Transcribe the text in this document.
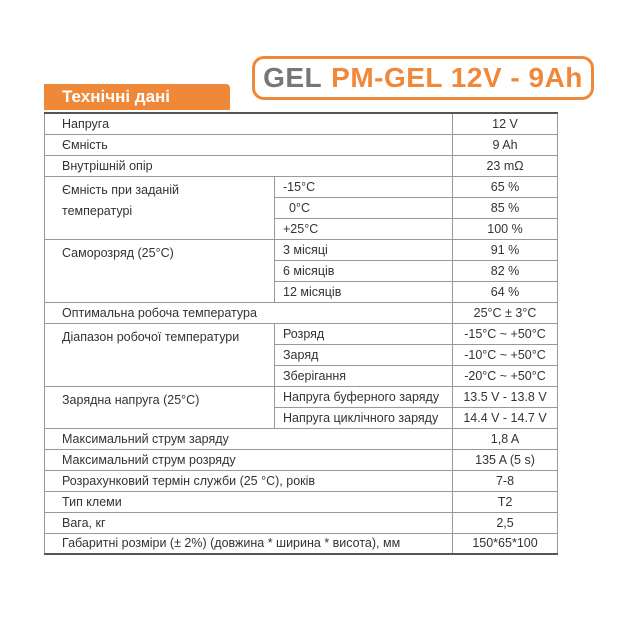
GEL PM-GEL 12V - 9Ah
Технічні дані
Напруга		12 V
Ємність		9 Ah
Внутрішній опір		23 mΩ

Ємність при заданій
температурі	-15°C	65 %
	0°C	85 %
	+25°C	100 %

Саморозряд (25°C)	3 місяці	91 %
	6 місяців	82 %
	12 місяців	64 %
Оптимальна робоча температура		25°C ± 3°C

Діапазон робочої температури	Розряд	-15°C ~ +50°C
	Заряд	-10°C ~ +50°C
	Зберігання	-20°C ~ +50°C

Зарядна напруга (25°C)	Напруга буферного заряду	13.5 V - 13.8 V
	Напруга циклічного заряду	14.4 V - 14.7 V
Максимальний струм заряду		1,8 A
Максимальний струм розряду		135 A (5 s)
Розрахунковий термін служби (25 °C), років		7-8
Тип клеми		T2
Вага, кг		2,5
Габаритні розміри (± 2%) (довжина * ширина * висота), мм		150*65*100
